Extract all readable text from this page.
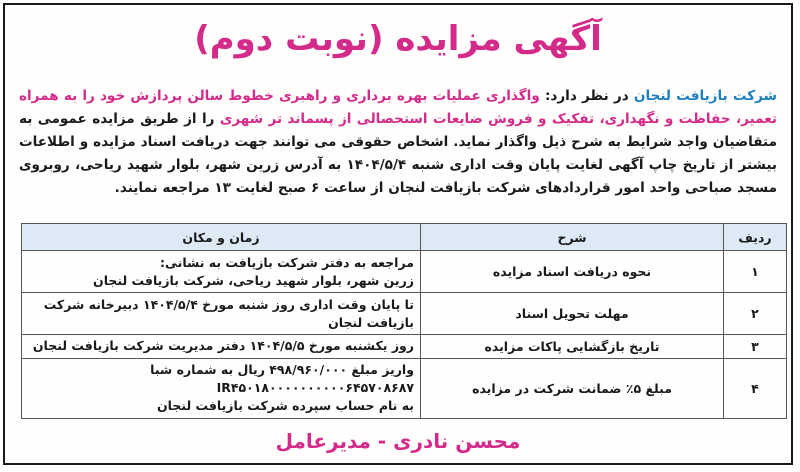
آگهی مزایده (نوبت دوم)
شرکت بازیافت لنجان در نظر دارد: واگذاری عملیات بهره برداری و راهبری خطوط سالن پردازش خود را به همراه تعمیر، حفاظت و نگهداری، تفکیک و فروش ضایعات استحصالی از پسماند تر شهری را از طریق مزایده عمومی به متقاضیان واجد شرایط به شرح ذیل واگذار نماید. اشخاص حقوقی می توانند جهت دریافت اسناد مزایده و اطلاعات بیشتر از تاریخ چاپ آگهی لغایت پایان وقت اداری شنبه ۱۴۰۴/۵/۴ به آدرس زرین شهر، بلوار شهید ریاحی، روبروی مسجد صباحی واحد امور قراردادهای شرکت بازیافت لنجان از ساعت ۶ صبح لغایت ۱۳ مراجعه نمایند.
ردیف	شرح	زمان و مکان
۱	نحوه دریافت اسناد مزایده	مراجعه به دفتر شرکت بازیافت به نشانی:
زرین شهر، بلوار شهید ریاحی، شرکت بازیافت لنجان

۲	مهلت تحویل اسناد	تا پایان وقت اداری روز شنبه مورخ ۱۴۰۴/۵/۴ دبیرخانه شرکت بازیافت لنجان

۳	تاریخ بازگشایی پاکات مزایده	روز یکشنبه مورخ ۱۴۰۴/۵/۵ دفتر مدیریت شرکت بازیافت لنجان

۴	مبلغ ۵٪ ضمانت شرکت در مزایده	واریز مبلغ ۴۹۸/۹۶۰/۰۰۰ ریال به شماره شبا IR۴۵۰۱۸۰۰۰۰۰۰۰۰۰۰۶۴۵۷۰۸۶۸۷
به نام حساب سپرده شرکت بازیافت لنجان
محسن نادری - مدیرعامل
